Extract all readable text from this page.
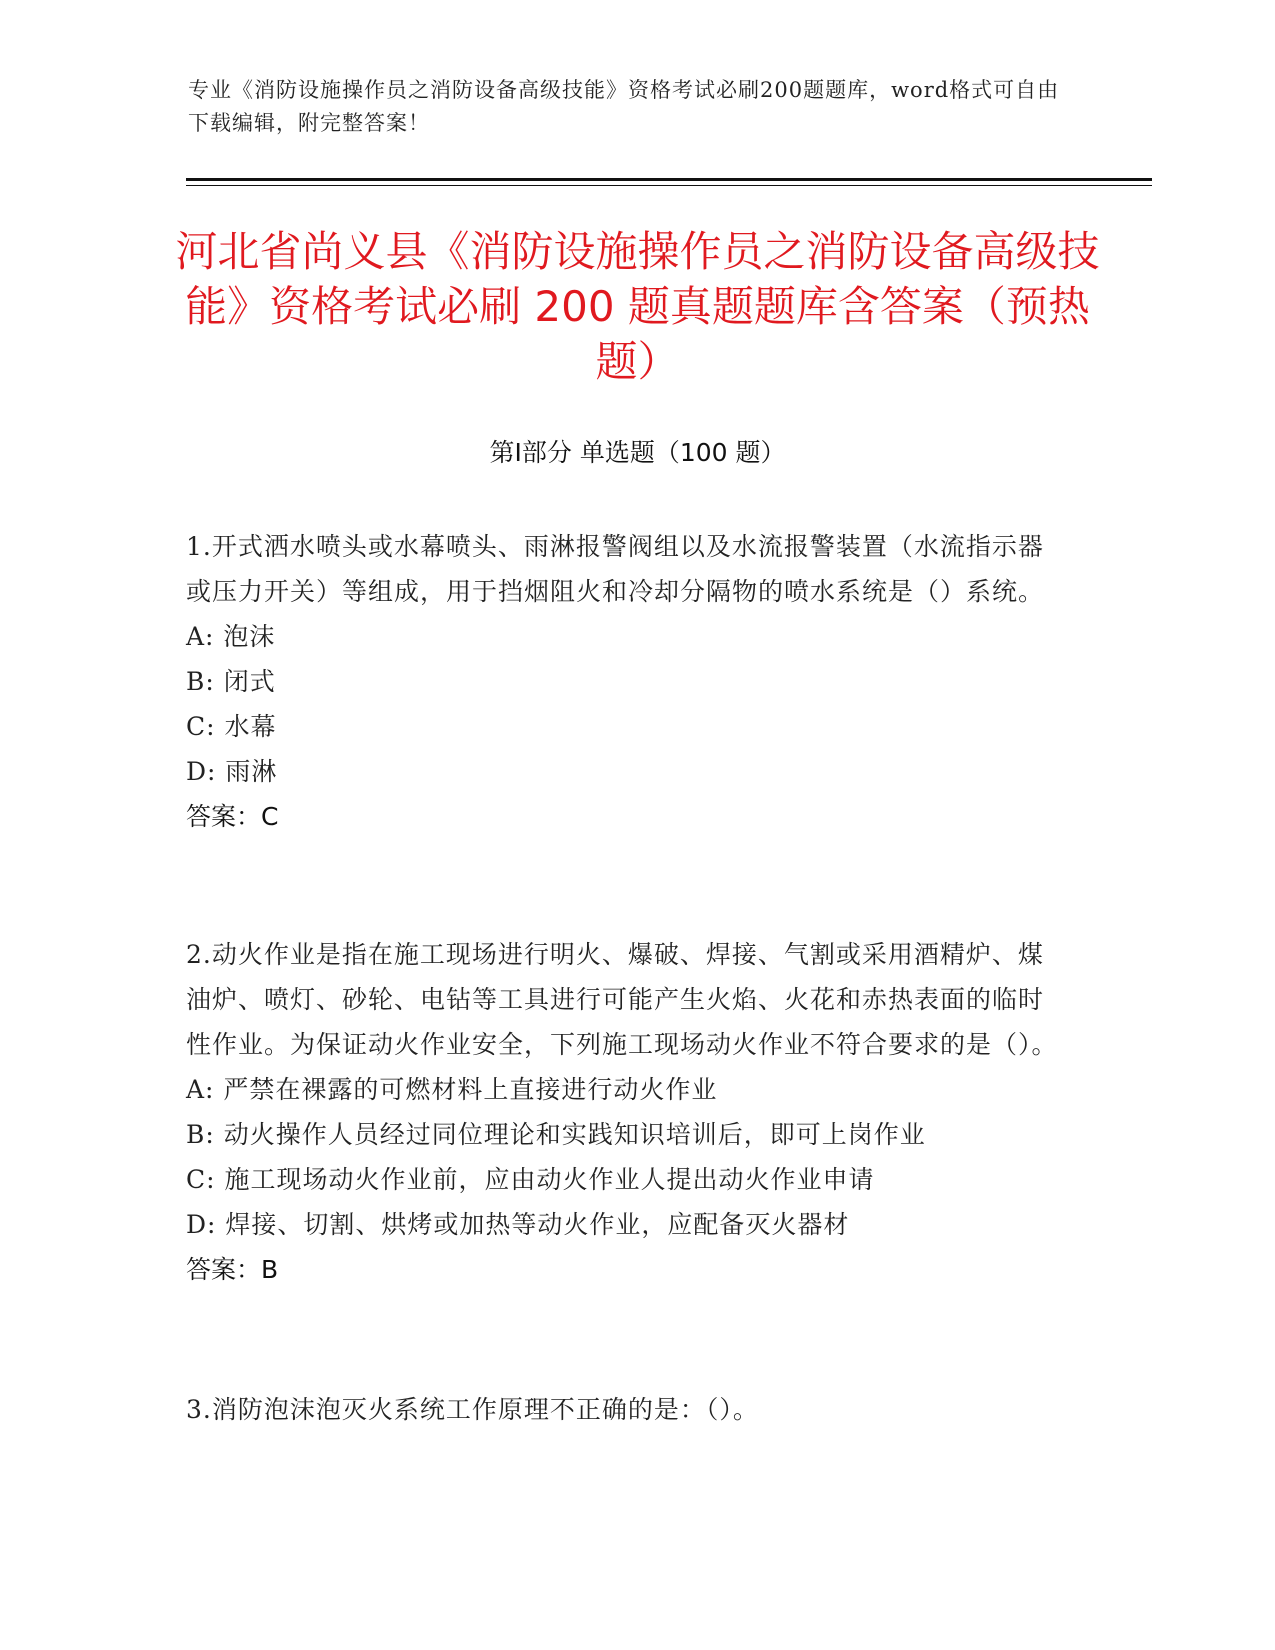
专业《消防设施操作员之消防设备高级技能》资格考试必刷200题题库，word格式可自由下载编辑，附完整答案！
河北省尚义县《消防设施操作员之消防设备高级技能》资格考试必刷 200 题真题题库含答案（预热题）
第Ⅰ部分 单选题（100 题）

1.开式洒水喷头或水幕喷头、雨淋报警阀组以及水流报警装置（水流指示器或压力开关）等组成，用于挡烟阻火和冷却分隔物的喷水系统是（）系统。

A: 泡沫

B: 闭式

C: 水幕

D: 雨淋

答案：C

2.动火作业是指在施工现场进行明火、爆破、焊接、气割或采用酒精炉、煤油炉、喷灯、砂轮、电钻等工具进行可能产生火焰、火花和赤热表面的临时性作业。为保证动火作业安全，下列施工现场动火作业不符合要求的是（）。

A: 严禁在裸露的可燃材料上直接进行动火作业

B: 动火操作人员经过同位理论和实践知识培训后，即可上岗作业

C: 施工现场动火作业前，应由动火作业人提出动火作业申请

D: 焊接、切割、烘烤或加热等动火作业，应配备灭火器材

答案：B

3.消防泡沫泡灭火系统工作原理不正确的是：（）。
